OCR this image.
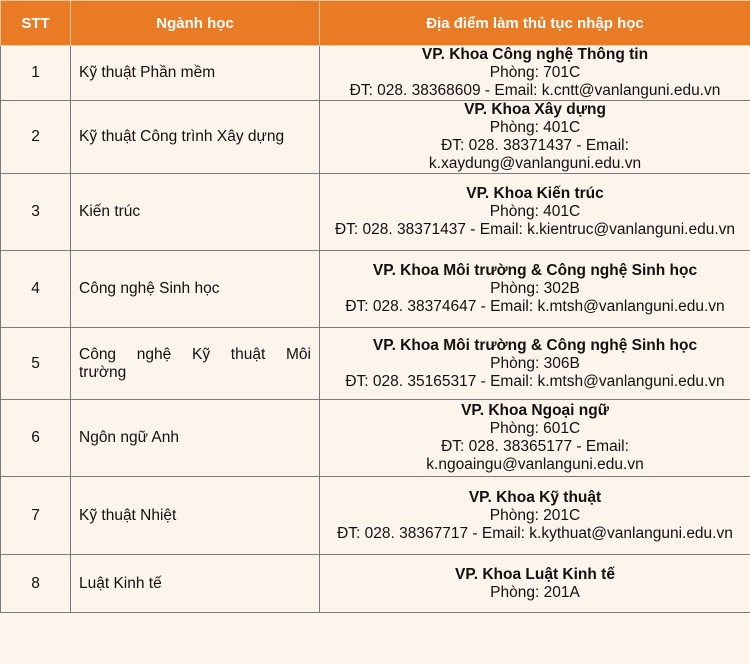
STT	Ngành học	Địa điểm làm thủ tục nhập học
1	Kỹ thuật Phần mềm	VP. Khoa Công nghệ Thông tin
Phòng: 701C
ĐT: 028. 38368609 - Email: k.cntt@vanlanguni.edu.vn

2	Kỹ thuật Công trình Xây dựng	VP. Khoa Xây dựng
Phòng: 401C
ĐT: 028. 38371437 - Email:
k.xaydung@vanlanguni.edu.vn

3	Kiến trúc	VP. Khoa Kiến trúc
Phòng: 401C
ĐT: 028. 38371437 - Email: k.kientruc@vanlanguni.edu.vn

4	Công nghệ Sinh học	VP. Khoa Môi trường & Công nghệ Sinh học
Phòng: 302B
ĐT: 028. 38374647 - Email: k.mtsh@vanlanguni.edu.vn

5	Công nghệ Kỹ thuật Môi
trường	VP. Khoa Môi trường & Công nghệ Sinh học
Phòng: 306B
ĐT: 028. 35165317 - Email: k.mtsh@vanlanguni.edu.vn

6	Ngôn ngữ Anh	VP. Khoa Ngoại ngữ
Phòng: 601C
ĐT: 028. 38365177 - Email:
k.ngoaingu@vanlanguni.edu.vn

7	Kỹ thuật Nhiệt	VP. Khoa Kỹ thuật
Phòng: 201C
ĐT: 028. 38367717 - Email: k.kythuat@vanlanguni.edu.vn

8	Luật Kinh tế	VP. Khoa Luật Kinh tế
Phòng: 201A
